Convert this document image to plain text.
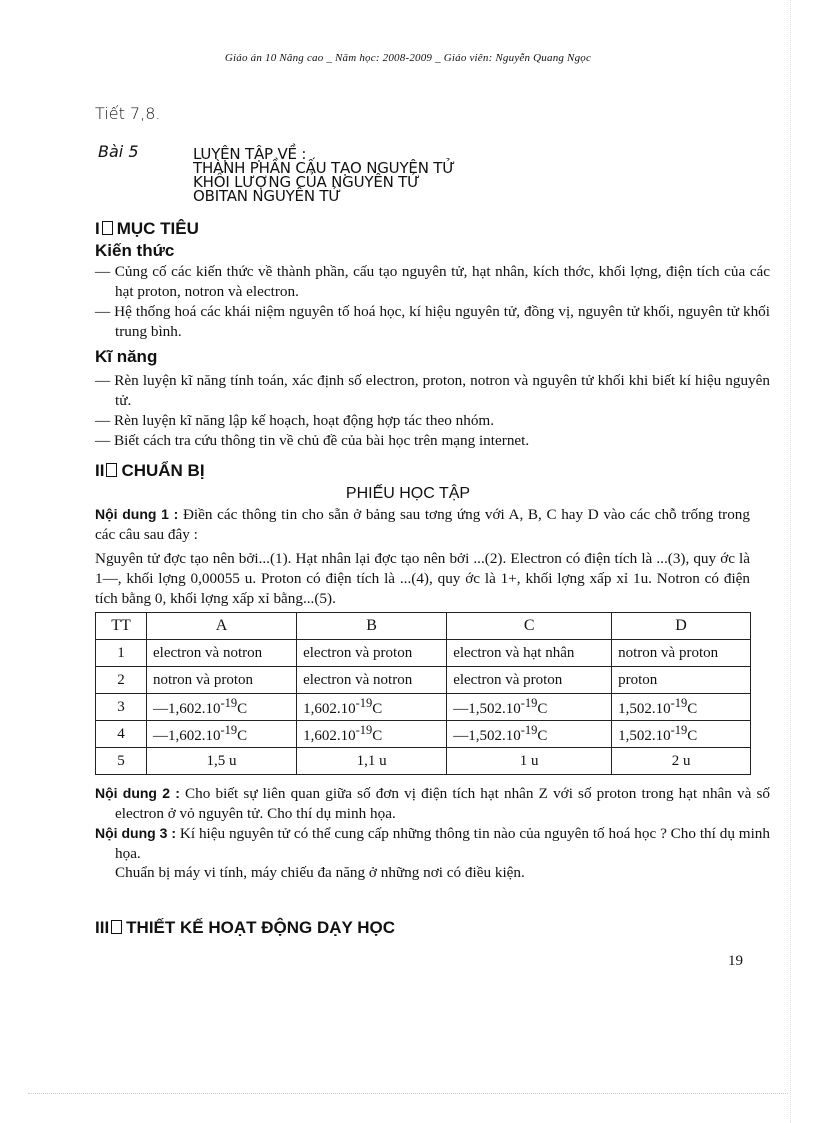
Giáo án 10 Nâng cao _ Năm học: 2008-2009 _ Giáo viên: Nguyễn Quang Ngọc
Tiết 7,8.
Bài 5	LUYỆN TẬP VỀ :
THÀNH PHẦN CẤU TẠO NGUYÊN TỬ
KHỐI LƯỢNG CỦA NGUYÊN TỬ
OBITAN NGUYÊN TỬ
I MỤC TIÊU
Kiến thức
— Củng cố các kiến thức về thành phần, cấu tạo nguyên tử, hạt nhân, kích thớc, khối lợng, điện tích của các hạt proton, notron và electron.
— Hệ thống hoá các khái niệm nguyên tố hoá học, kí hiệu nguyên tử, đồng vị, nguyên tử khối, nguyên tử khối trung bình.
Kĩ năng
— Rèn luyện kĩ năng tính toán, xác định số electron, proton, notron và nguyên tử khối khi biết kí hiệu nguyên tử.
— Rèn luyện kĩ năng lập kế hoạch, hoạt động hợp tác theo nhóm.
— Biết cách tra cứu thông tin về chủ đề của bài học trên mạng internet.
II CHUẨN BỊ
PHIẾU HỌC TẬP
Nội dung 1 : Điền các thông tin cho sẵn ở bảng sau tơng ứng với A, B, C hay D vào các chỗ trống trong các câu sau đây :
Nguyên tử đợc tạo nên bởi...(1). Hạt nhân lại đợc tạo nên bởi ...(2). Electron có điện tích là ...(3), quy ớc là 1—, khối lợng 0,00055 u. Proton có điện tích là ...(4), quy ớc là 1+, khối lợng xấp xỉ 1u. Notron có điện tích bằng 0, khối lợng xấp xỉ bằng...(5).
TT	A	B	C	D
1	electron và notron	electron và proton	electron và hạt nhân	notron và proton
2	notron và proton	electron và notron	electron và proton	proton
3	$—1,602.10^{-19}C$	$1,602.10^{-19}C$	$—1,502.10^{-19}C$	$1,502.10^{-19}C$
4	$—1,602.10^{-19}C$	$1,602.10^{-19}C$	$—1,502.10^{-19}C$	$1,502.10^{-19}C$
5	1,5 u	1,1 u	1 u	2 u
Nội dung 2 : Cho biết sự liên quan giữa số đơn vị điện tích hạt nhân Z với số proton trong hạt nhân và số electron ở vỏ nguyên tử. Cho thí dụ minh họa.
Nội dung 3 : Kí hiệu nguyên tử có thể cung cấp những thông tin nào của nguyên tố hoá học ? Cho thí dụ minh họa.
Chuẩn bị máy vi tính, máy chiếu đa năng ở những nơi có điều kiện.
III THIẾT KẾ HOẠT ĐỘNG DẠY HỌC
19
